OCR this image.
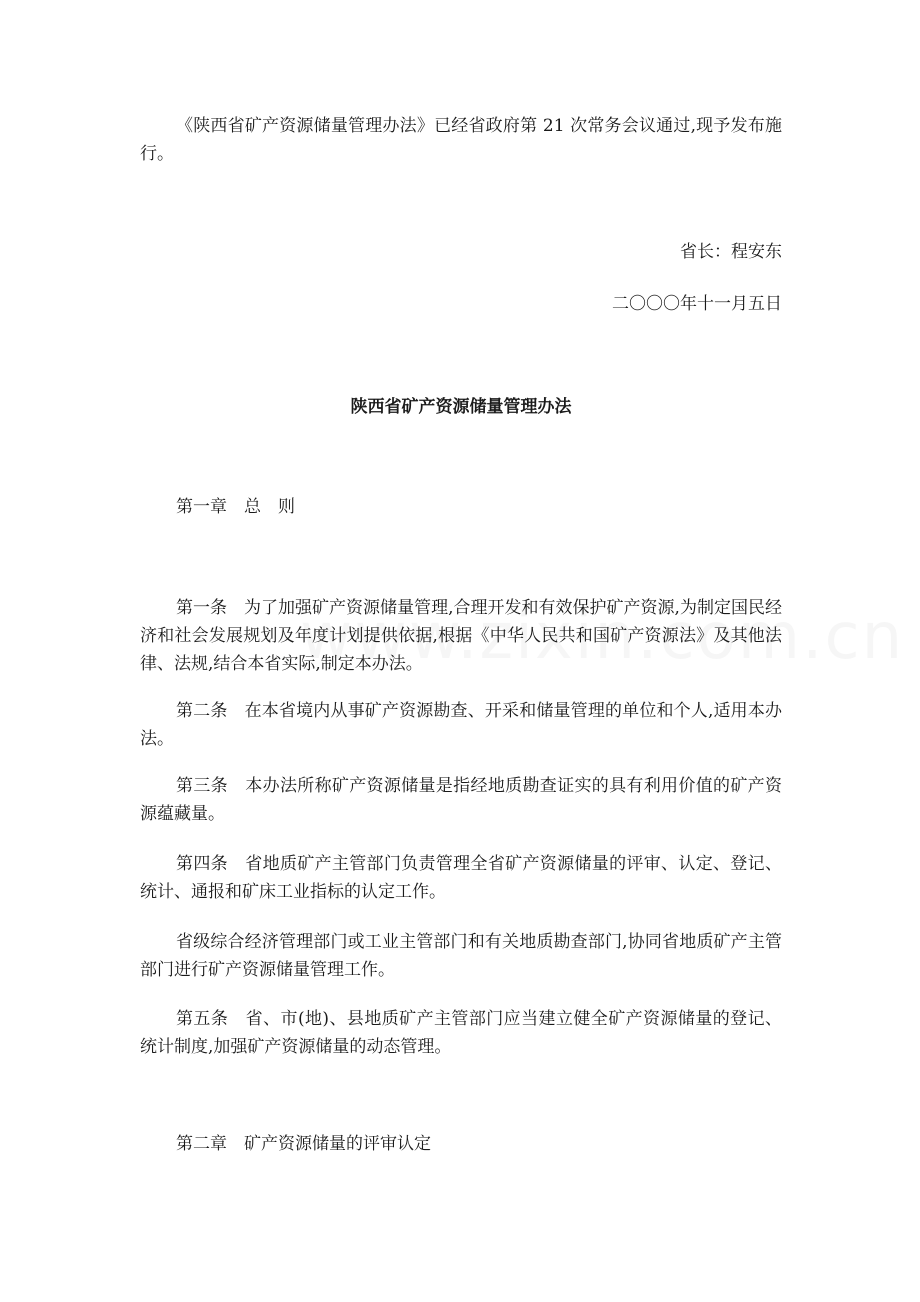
《陕西省矿产资源储量管理办法》已经省政府第 21 次常务会议通过,现予发布施行。

省长：程安东

二〇〇〇年十一月五日

陕西省矿产资源储量管理办法

第一章　总　则

第一条　为了加强矿产资源储量管理,合理开发和有效保护矿产资源,为制定国民经济和社会发展规划及年度计划提供依据,根据《中华人民共和国矿产资源法》及其他法律、法规,结合本省实际,制定本办法。

第二条　在本省境内从事矿产资源勘查、开采和储量管理的单位和个人,适用本办法。

第三条　本办法所称矿产资源储量是指经地质勘查证实的具有利用价值的矿产资源蕴藏量。

第四条　省地质矿产主管部门负责管理全省矿产资源储量的评审、认定、登记、统计、通报和矿床工业指标的认定工作。

省级综合经济管理部门或工业主管部门和有关地质勘查部门,协同省地质矿产主管部门进行矿产资源储量管理工作。

第五条　省、市(地)、县地质矿产主管部门应当建立健全矿产资源储量的登记、统计制度,加强矿产资源储量的动态管理。

第二章　矿产资源储量的评审认定
